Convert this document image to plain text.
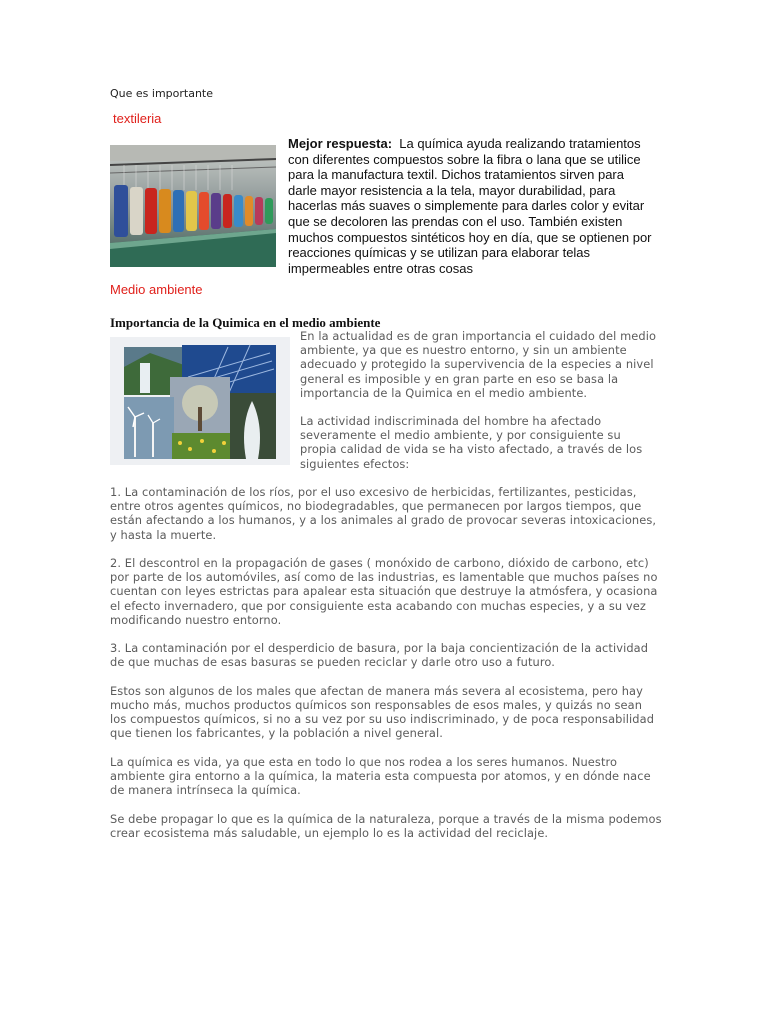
Que es importante
textileria
Mejor respuesta: La química ayuda realizando tratamientos con diferentes compuestos sobre la fibra o lana que se utilice para la manufactura textil. Dichos tratamientos sirven para darle mayor resistencia a la tela, mayor durabilidad, para hacerlas más suaves o simplemente para darles color y evitar que se decoloren las prendas con el uso. También existen muchos compuestos sintéticos hoy en día, que se optienen por reacciones químicas y se utilizan para elaborar telas impermeables entre otras cosas
Medio ambiente
Importancia de la Quimica en el medio ambiente

En la actualidad es de gran importancia el cuidado del medio ambiente, ya que es nuestro entorno, y sin un ambiente adecuado y protegido la supervivencia de la especies a nivel general es imposible y en gran parte en eso se basa la importancia de la Quimica en el medio ambiente.

La actividad indiscriminada del hombre ha afectado severamente el medio ambiente, y por consiguiente su propia calidad de vida se ha visto afectado, a través de los siguientes efectos:

1. La contaminación de los ríos, por el uso excesivo de herbicidas, fertilizantes, pesticidas, entre otros agentes químicos, no biodegradables, que permanecen por largos tiempos, que están afectando a los humanos, y a los animales al grado de provocar severas intoxicaciones, y hasta la muerte.

2. El descontrol en la propagación de gases ( monóxido de carbono, dióxido de carbono, etc) por parte de los automóviles, así como de las industrias, es lamentable que muchos países no cuentan con leyes estrictas para apalear esta situación que destruye la atmósfera, y ocasiona el efecto invernadero, que por consiguiente esta acabando con muchas especies, y a su vez modificando nuestro entorno.

3. La contaminación por el desperdicio de basura, por la baja concientización de la actividad de que muchas de esas basuras se pueden reciclar y darle otro uso a futuro.

Estos son algunos de los males que afectan de manera más severa al ecosistema, pero hay mucho más, muchos productos químicos son responsables de esos males, y quizás no sean los compuestos químicos, si no a su vez por su uso indiscriminado, y de poca responsabilidad que tienen los fabricantes, y la población a nivel general.

La química es vida, ya que esta en todo lo que nos rodea a los seres humanos. Nuestro ambiente gira entorno a la química, la materia esta compuesta por atomos, y en dónde nace de manera intrínseca la química.

Se debe propagar lo que es la química de la naturaleza, porque a través de la misma podemos crear ecosistema más saludable, un ejemplo lo es la actividad del reciclaje.
